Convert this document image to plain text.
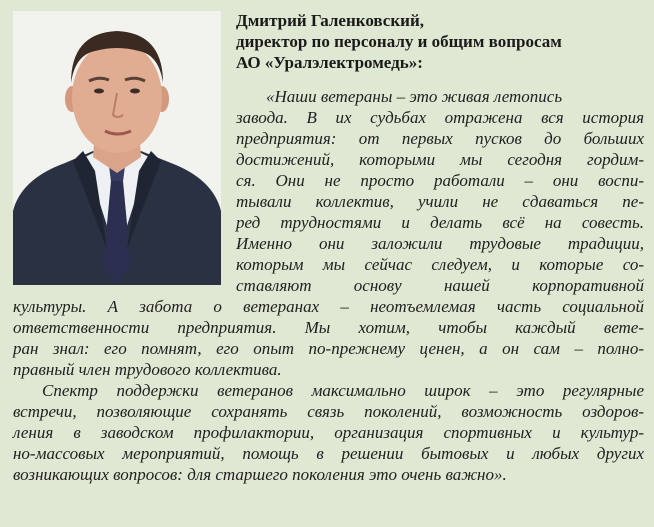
Дмитрий Галенковский,
директор по персоналу и общим вопросам
АО «Уралэлектромедь»:
«Наши ветераны – это живая летопись
завода. В их судьбах отражена вся история
предприятия: от первых пусков до больших
достижений, которыми мы сегодня гордим-
ся. Они не просто работали – они воспи-
тывали коллектив, учили не сдаваться пе-
ред трудностями и делать всё на совесть.
Именно они заложили трудовые традиции,
которым мы сейчас следуем, и которые со-
ставляют основу нашей корпоративной
культуры. А забота о ветеранах – неотъемлемая часть социальной
ответственности предприятия. Мы хотим, чтобы каждый вете-
ран знал: его помнят, его опыт по-прежнему ценен, а он сам – полно-
правный член трудового коллектива.
Спектр поддержки ветеранов максимально широк – это регулярные
встречи, позволяющие сохранять связь поколений, возможность оздоров-
ления в заводском профилактории, организация спортивных и культур-
но-массовых мероприятий, помощь в решении бытовых и любых других
возникающих вопросов: для старшего поколения это очень важно».
